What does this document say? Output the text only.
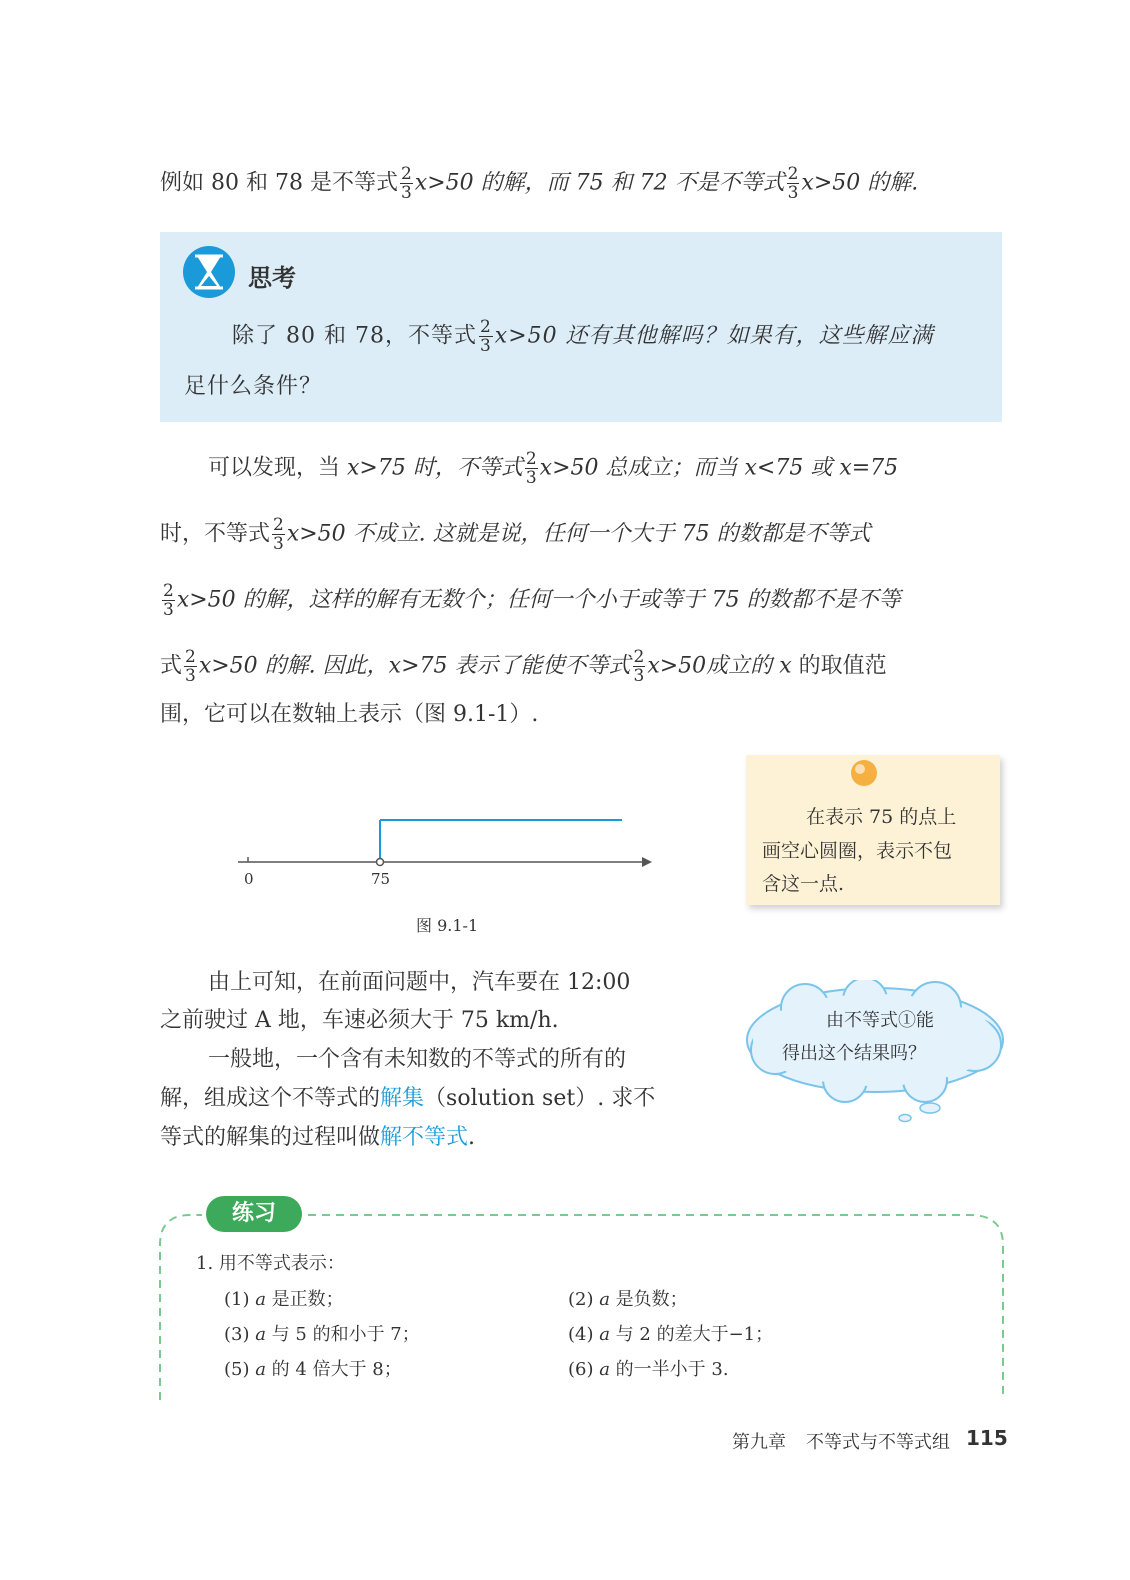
例如 80 和 78 是不等式 $\frac{2}{3} x>50$ 的解，而 75 和 72 不是不等式 $\frac{2}{3} x>50$ 的解.
思考
除了 80 和 78，不等式 $\frac{2}{3} x>50$ 还有其他解吗？如果有，这些解应满
足什么条件？
可以发现，当 x>75 时，不等式 $\frac{2}{3} x>50$ 总成立；而当 x<75 或 x=75
时，不等式 $\frac{2}{3} x>50$ 不成立. 这就是说，任何一个大于 75 的数都是不等式
$\frac{2}{3} x>50$ 的解，这样的解有无数个；任何一个小于或等于 75 的数都不是不等
式 $\frac{2}{3} x>50$ 的解. 因此，x>75 表示了能使不等式 $\frac{2}{3} x>50$成立的 x 的取值范
围，它可以在数轴上表示（图 9.1-1）.
0	75
图 9.1-1
在表示 75 的点上
画空心圆圈，表示不包
含这一点.
由上可知，在前面问题中，汽车要在 12:00
之前驶过 A 地，车速必须大于 75 km/h.
一般地，一个含有未知数的不等式的所有的
解，组成这个不等式的解集（solution set）. 求不
等式的解集的过程叫做解不等式.
由不等式①能
得出这个结果吗？
练习
1. 用不等式表示：
(1) a 是正数；	(2) a 是负数；
(3) a 与 5 的和小于 7；	(4) a 与 2 的差大于−1；
(5) a 的 4 倍大于 8；	(6) a 的一半小于 3.
第九章 不等式与不等式组 115
